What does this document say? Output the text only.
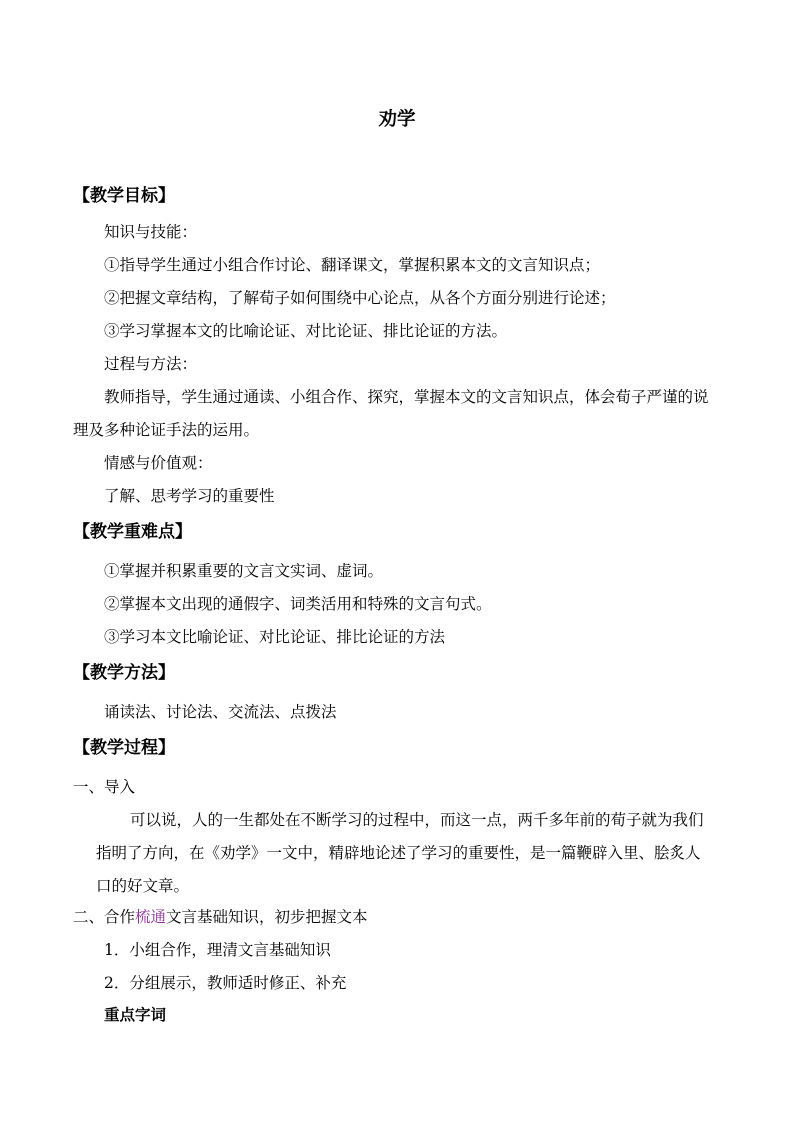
劝学
【教学目标】
知识与技能：
①指导学生通过小组合作讨论、翻译课文，掌握积累本文的文言知识点；
②把握文章结构，了解荀子如何围绕中心论点，从各个方面分别进行论述；
③学习掌握本文的比喻论证、对比论证、排比论证的方法。
过程与方法：
教师指导，学生通过通读、小组合作、探究，掌握本文的文言知识点，体会荀子严谨的说
理及多种论证手法的运用。
情感与价值观：
了解、思考学习的重要性
【教学重难点】
①掌握并积累重要的文言文实词、虚词。
②掌握本文出现的通假字、词类活用和特殊的文言句式。
③学习本文比喻论证、对比论证、排比论证的方法
【教学方法】
诵读法、讨论法、交流法、点拨法
【教学过程】
一、导入
可以说，人的一生都处在不断学习的过程中，而这一点，两千多年前的荀子就为我们
指明了方向，在《劝学》一文中，精辟地论述了学习的重要性，是一篇鞭辟入里、脍炙人
口的好文章。
二、合作梳通文言基础知识，初步把握文本
1．小组合作，理清文言基础知识
2．分组展示，教师适时修正、补充
重点字词
